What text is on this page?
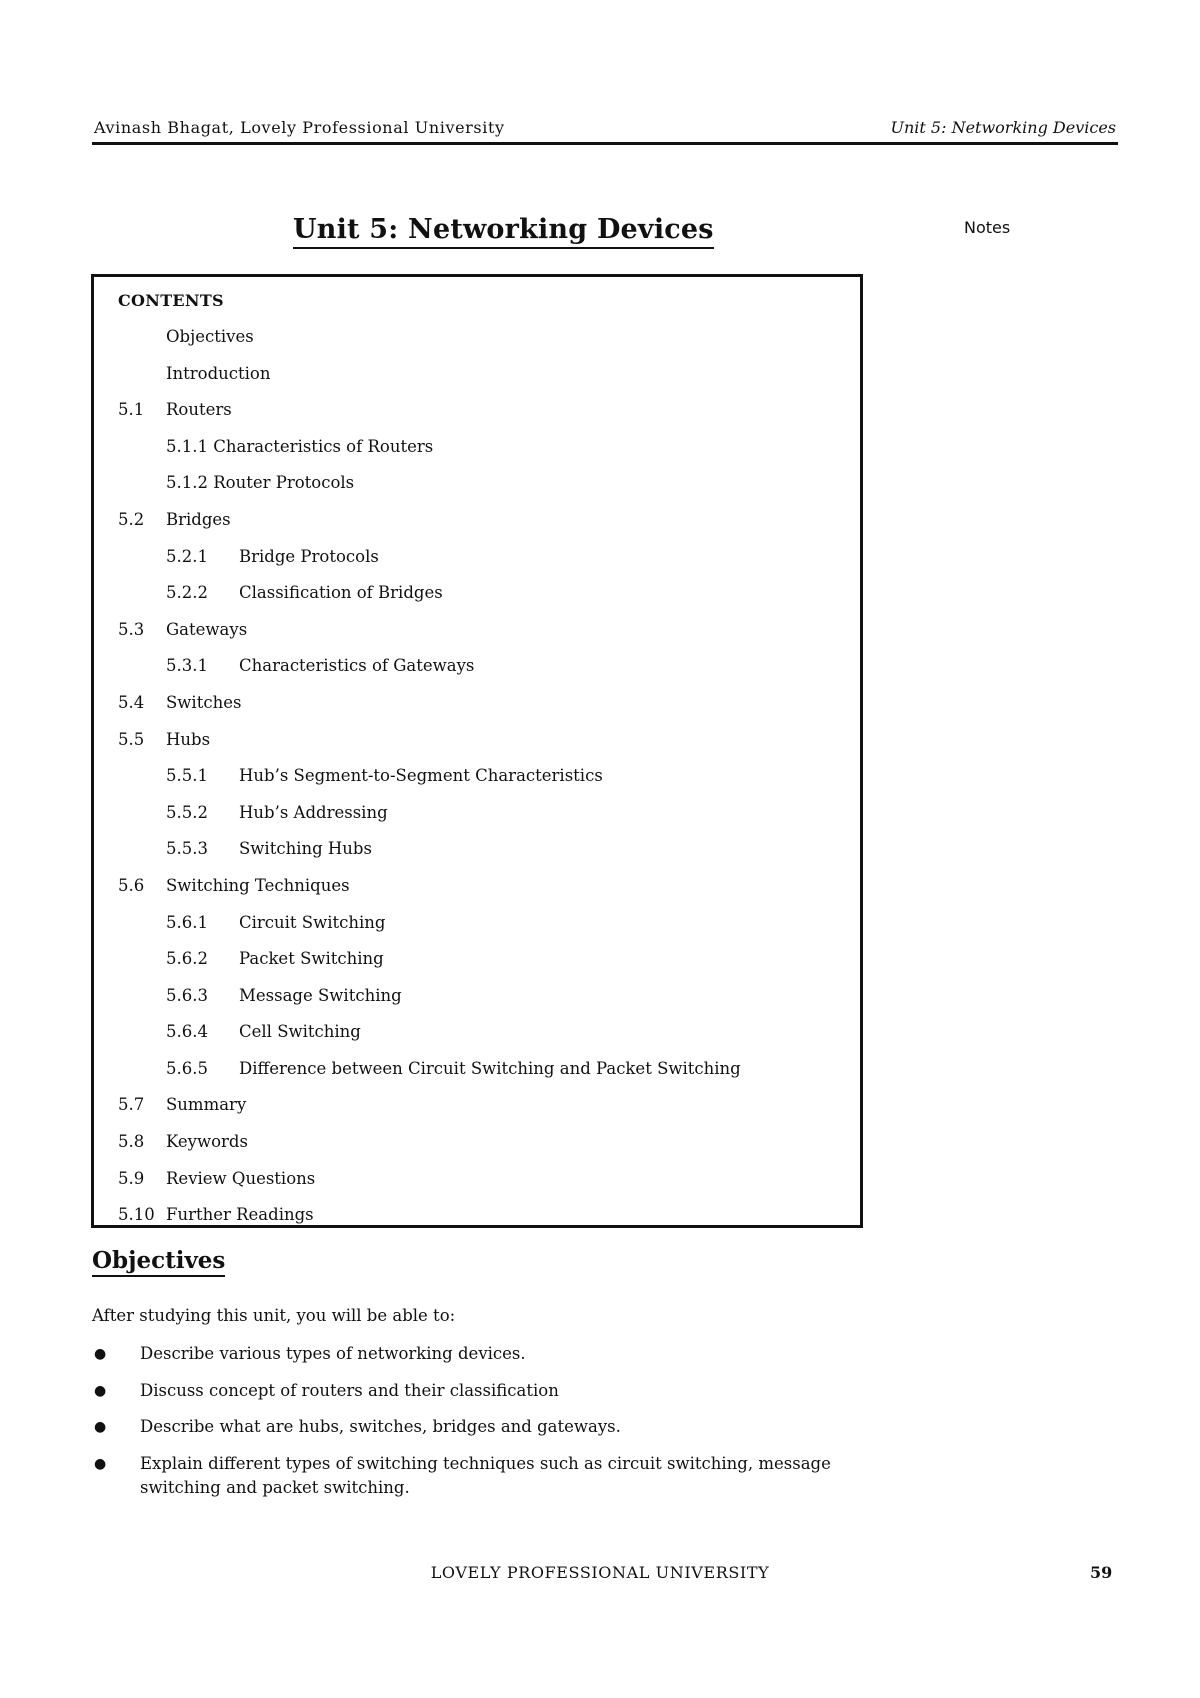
Avinash Bhagat, Lovely Professional University	Unit 5: Networking Devices
Unit 5: Networking Devices	Notes
CONTENTS
Objectives
Introduction
5.1 Routers
5.1.1 Characteristics of Routers
5.1.2 Router Protocols
5.2 Bridges
5.2.1 Bridge Protocols
5.2.2 Classification of Bridges
5.3 Gateways
5.3.1 Characteristics of Gateways
5.4 Switches
5.5 Hubs
5.5.1 Hub’s Segment-to-Segment Characteristics
5.5.2 Hub’s Addressing
5.5.3 Switching Hubs
5.6 Switching Techniques
5.6.1 Circuit Switching
5.6.2 Packet Switching
5.6.3 Message Switching
5.6.4 Cell Switching
5.6.5 Difference between Circuit Switching and Packet Switching
5.7 Summary
5.8 Keywords
5.9 Review Questions
5.10 Further Readings
Objectives
After studying this unit, you will be able to:
● Describe various types of networking devices.
● Discuss concept of routers and their classification
● Describe what are hubs, switches, bridges and gateways.
● Explain different types of switching techniques such as circuit switching, message switching and packet switching.
LOVELY PROFESSIONAL UNIVERSITY	59
